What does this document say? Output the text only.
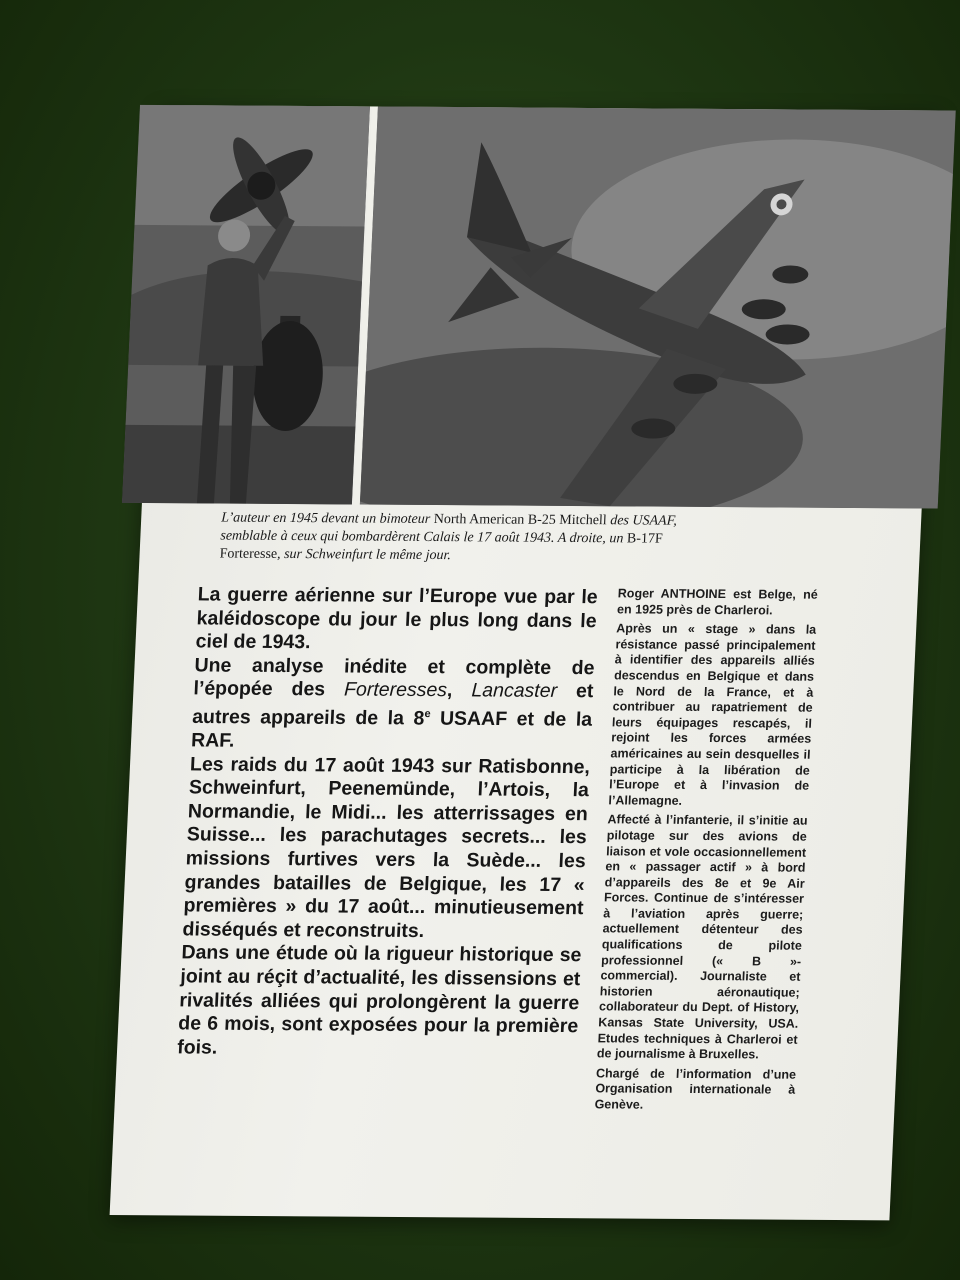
L’auteur en 1945 devant un bimoteur North American B-25 Mitchell des USAAF,
semblable à ceux qui bombardèrent Calais le 17 août 1943. A droite, un B-17F
Forteresse, sur Schweinfurt le même jour.

La guerre aérienne sur l’Europe vue par le kaléidoscope du jour le plus long dans le ciel de 1943.

Une analyse inédite et complète de l’épopée des Forteresses, Lancaster et autres appareils de la 8e USAAF et de la RAF.

Les raids du 17 août 1943 sur Ratisbonne, Schweinfurt, Peenemünde, l’Artois, la Normandie, le Midi... les atterrissages en Suisse... les parachutages secrets... les missions furtives vers la Suède... les grandes batailles de Belgique, les 17 « premières » du 17 août... minutieusement disséqués et reconstruits.

Dans une étude où la rigueur historique se joint au réçit d’actualité, les dissensions et rivalités alliées qui prolongèrent la guerre de 6 mois, sont exposées pour la première fois.

Roger ANTHOINE est Belge, né en 1925 près de Charleroi.

Après un « stage » dans la résistance passé principalement à identifier des appareils alliés descendus en Belgique et dans le Nord de la France, et à contribuer au rapatriement de leurs équipages rescapés, il rejoint les forces armées américaines au sein desquelles il participe à la libération de l’Europe et à l’invasion de l’Allemagne.

Affecté à l’infanterie, il s’initie au pilotage sur des avions de liaison et vole occasionnellement en « passager actif » à bord d’appareils des 8e et 9e Air Forces. Continue de s’intéresser à l’aviation après guerre; actuellement détenteur des qualifications de pilote professionnel (« B »-commercial). Journaliste et historien aéronautique; collaborateur du Dept. of History, Kansas State University, USA. Etudes techniques à Charleroi et de journalisme à Bruxelles.

Chargé de l’information d’une Organisation internationale à Genève.
